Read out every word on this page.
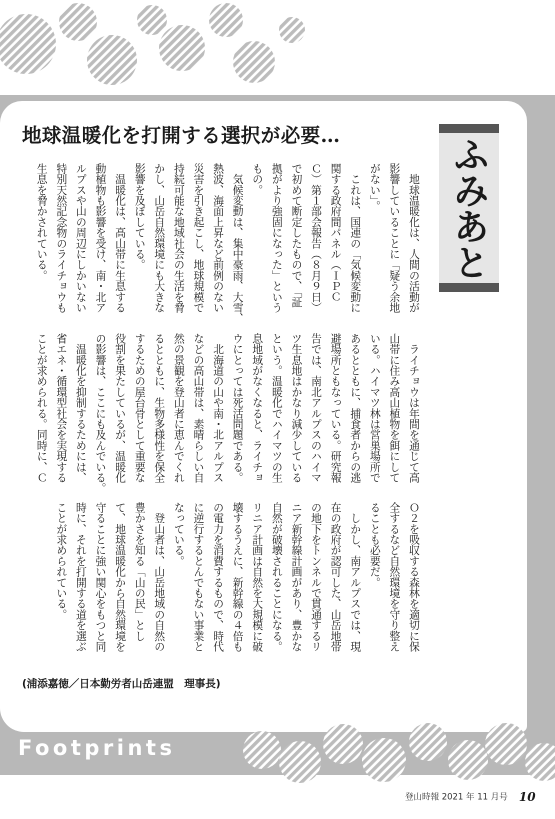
地球温暖化を打開する選択が必要…
ふみあと
　地球温暖化は、人間の活動が
影響していることに「疑う余地
がない」。
　これは、国連の「気候変動に
関する政府間パネル（ＩＰＣ
Ｃ）第１部会報告（８月９日）
で初めて断定したもので、「証
拠がより強固になった」という
もの。
　気候変動は、集中豪雨、大雪、
熱波、海面上昇など前例のない
災害を引き起こし、地球規模で
持続可能な地域社会の生活を脅
かし、山岳自然環境にも大きな
影響を及ぼしている。
　温暖化は、高山帯に生息する
動植物も影響を受け、南・北ア
ルプスや山の周辺にしかいない
特別天然記念物のライチョウも
生息を脅かされている。
　ライチョウは年間を通じて高
山帯に住み高山植物を餌にして
いる。ハイマツ林は営巣場所で
あるとともに、捕食者からの逃
避場所ともなっている。研究報
告では、南北アルプスのハイマ
ツ生息地はかなり減少している
という。温暖化でハイマツの生
息地域がなくなると、ライチョ
ウにとっては死活問題である。
　北海道の山や南・北アルプス
などの高山帯は、素晴らしい自
然の景観を登山者に恵んでくれ
るとともに、生物多様性を保全
するための屋台骨として重要な
役割を果たしているが、温暖化
の影響は、ここにも及んでいる。
　温暖化を抑制するためには、
省エネ・循環型社会を実現する
ことが求められる。同時に、Ｃ
Ｏ２を吸収する森林を適切に保
全するなど自然環境を守り整え
ることも必要だ。
　しかし、南アルプスでは、現
在の政府が認可した、山岳地帯
の地下をトンネルで貫通するリ
ニア新幹線計画があり、豊かな
自然が破壊されることになる。
リニア計画は自然を大規模に破
壊するうえに、新幹線の４倍も
の電力を消費するもので、時代
に逆行するとんでもない事業と
なっている。
　登山者は、山岳地域の自然の
豊かさを知る「山の民」とし
て、地球温暖化から自然環境を
守ることに強い関心をもつと同
時に、それを打開する道を選ぶ
ことが求められている。
(浦添嘉徳／日本勤労者山岳連盟　理事長)
Footprints
登山時報 2021 年 11 月号 10
